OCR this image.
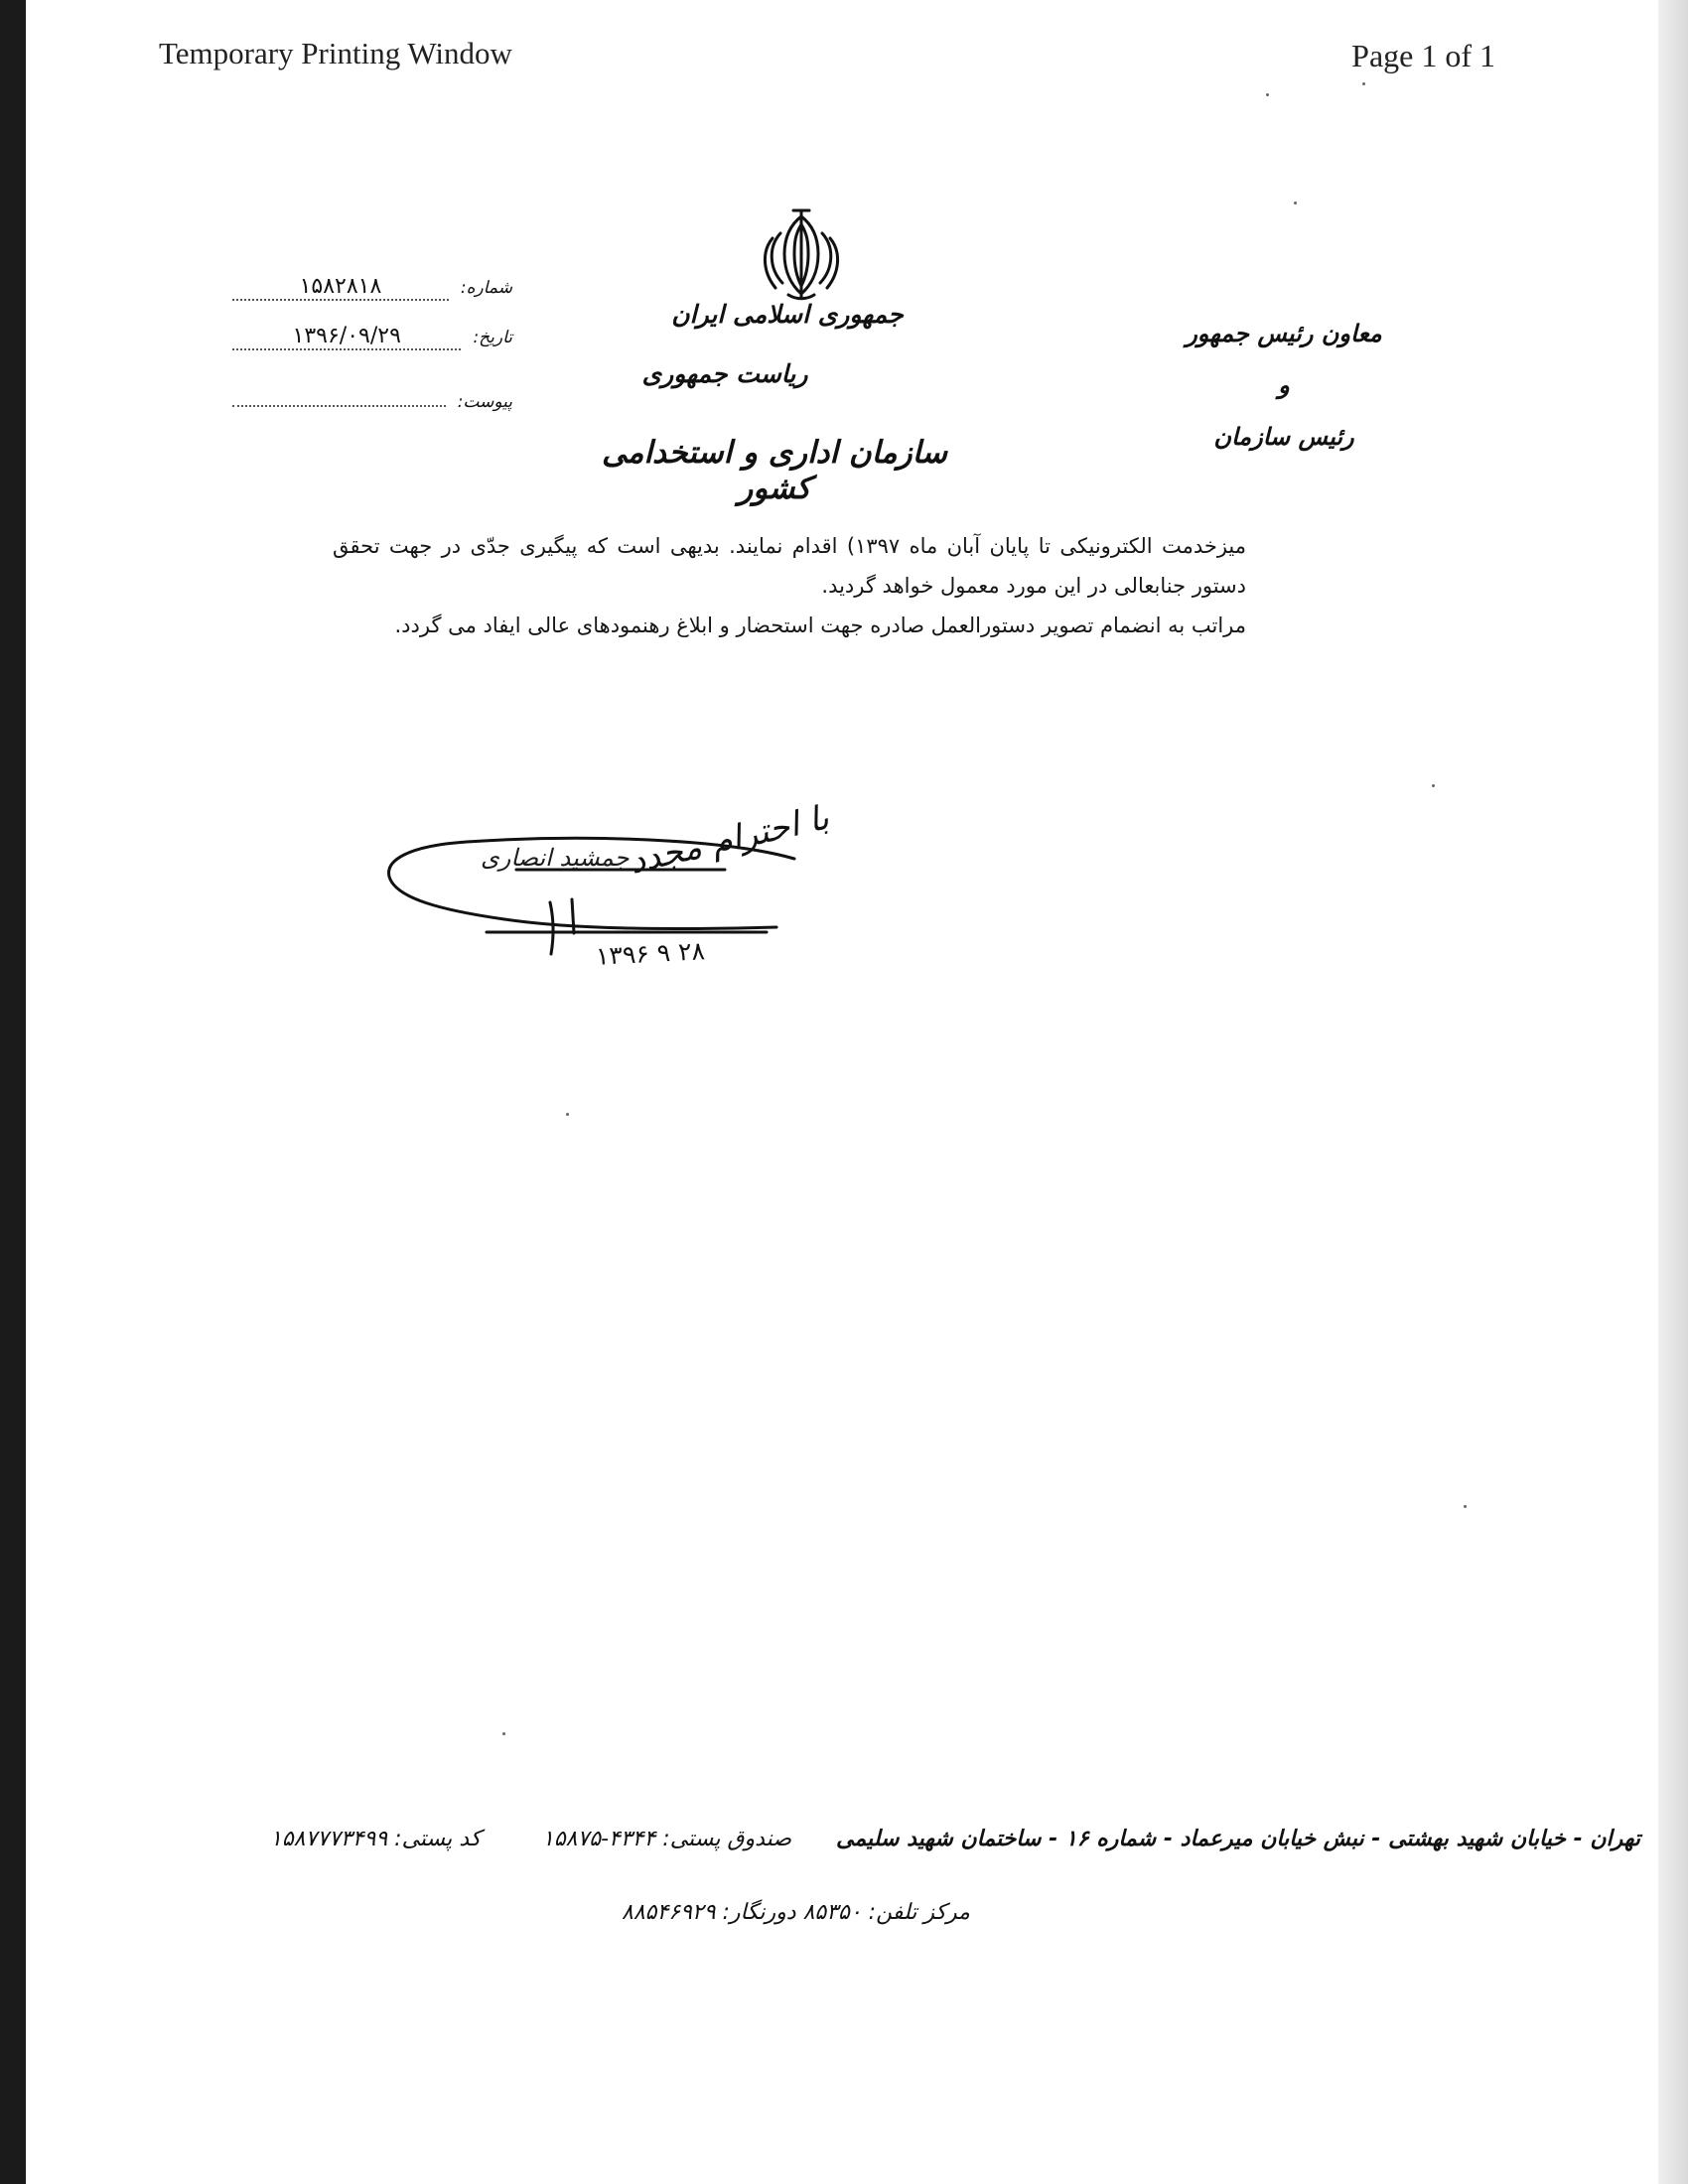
Temporary Printing Window	Page 1 of 1
جمهوری اسلامی ایران
ریاست جمهوری
سازمان اداری و استخدامی کشور
شماره:
۱۵۸۲۸۱۸
تاریخ:
۱۳۹۶/۰۹/۲۹
پیوست:
معاون رئیس جمهور
و
رئیس سازمان

میزخدمت الکترونیکی تا پایان آبان ماه ۱۳۹۷) اقدام نمایند. بدیهی است که پیگیری جدّی در جهت تحقق دستور جنابعالی در این مورد معمول خواهد گردید.

مراتب به انضمام تصویر دستورالعمل صادره جهت استحضار و ابلاغ رهنمودهای عالی ایفاد می گردد.

با احترام مجدد
جمشید انصاری
۱۳۹۶ ۹ ۲۸
تهران - خیابان شهید بهشتی - نبش خیابان میرعماد - شماره ۱۶ - ساختمان شهید سلیمی
صندوق پستی: ۴۳۴۴-۱۵۸۷۵
کد پستی: ۱۵۸۷۷۷۳۴۹۹
مرکز تلفن: ۸۵۳۵۰ دورنگار: ۸۸۵۴۶۹۲۹
